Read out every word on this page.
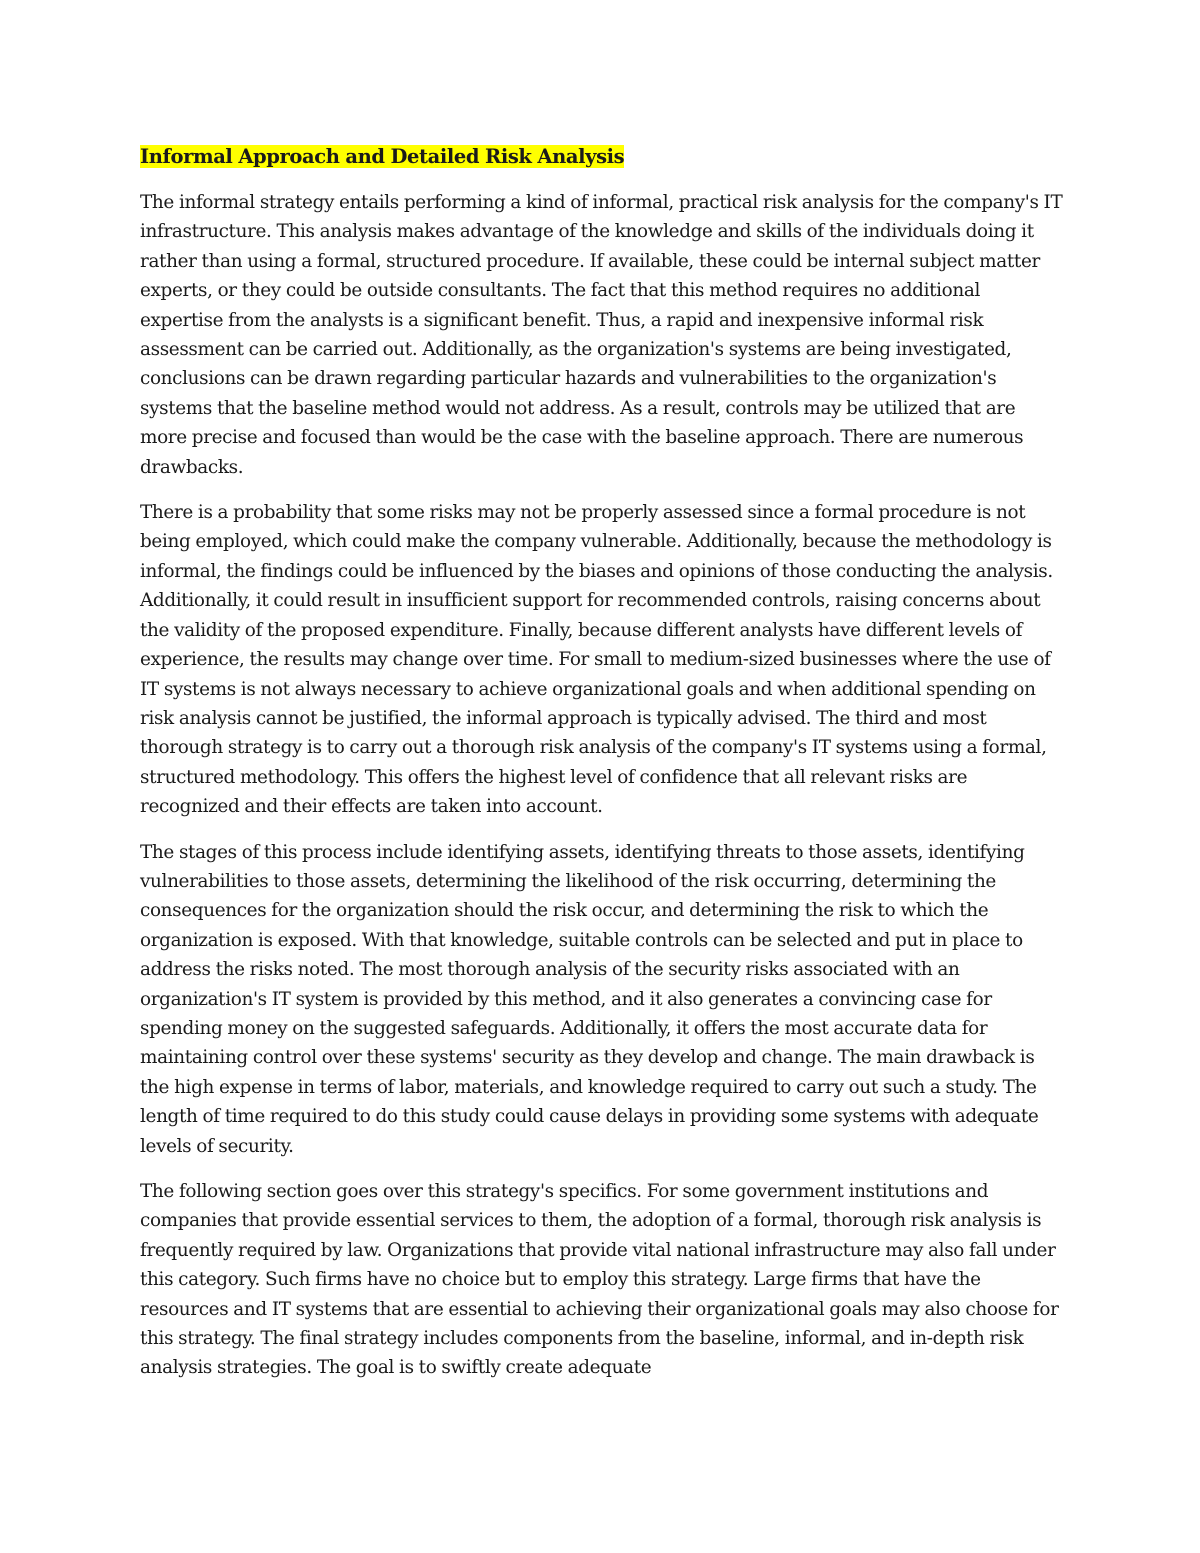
Informal Approach and Detailed Risk Analysis

The informal strategy entails performing a kind of informal, practical risk analysis for the company's IT infrastructure. This analysis makes advantage of the knowledge and skills of the individuals doing it rather than using a formal, structured procedure. If available, these could be internal subject matter experts, or they could be outside consultants. The fact that this method requires no additional expertise from the analysts is a significant benefit. Thus, a rapid and inexpensive informal risk assessment can be carried out. Additionally, as the organization's systems are being investigated, conclusions can be drawn regarding particular hazards and vulnerabilities to the organization's systems that the baseline method would not address. As a result, controls may be utilized that are more precise and focused than would be the case with the baseline approach. There are numerous drawbacks.

There is a probability that some risks may not be properly assessed since a formal procedure is not being employed, which could make the company vulnerable. Additionally, because the methodology is informal, the findings could be influenced by the biases and opinions of those conducting the analysis. Additionally, it could result in insufficient support for recommended controls, raising concerns about the validity of the proposed expenditure. Finally, because different analysts have different levels of experience, the results may change over time. For small to medium-sized businesses where the use of IT systems is not always necessary to achieve organizational goals and when additional spending on risk analysis cannot be justified, the informal approach is typically advised. The third and most thorough strategy is to carry out a thorough risk analysis of the company's IT systems using a formal, structured methodology. This offers the highest level of confidence that all relevant risks are recognized and their effects are taken into account.

The stages of this process include identifying assets, identifying threats to those assets, identifying vulnerabilities to those assets, determining the likelihood of the risk occurring, determining the consequences for the organization should the risk occur, and determining the risk to which the organization is exposed. With that knowledge, suitable controls can be selected and put in place to address the risks noted. The most thorough analysis of the security risks associated with an organization's IT system is provided by this method, and it also generates a convincing case for spending money on the suggested safeguards. Additionally, it offers the most accurate data for maintaining control over these systems' security as they develop and change. The main drawback is the high expense in terms of labor, materials, and knowledge required to carry out such a study. The length of time required to do this study could cause delays in providing some systems with adequate levels of security.

The following section goes over this strategy's specifics. For some government institutions and companies that provide essential services to them, the adoption of a formal, thorough risk analysis is frequently required by law. Organizations that provide vital national infrastructure may also fall under this category. Such firms have no choice but to employ this strategy. Large firms that have the resources and IT systems that are essential to achieving their organizational goals may also choose for this strategy. The final strategy includes components from the baseline, informal, and in-depth risk analysis strategies. The goal is to swiftly create adequate
